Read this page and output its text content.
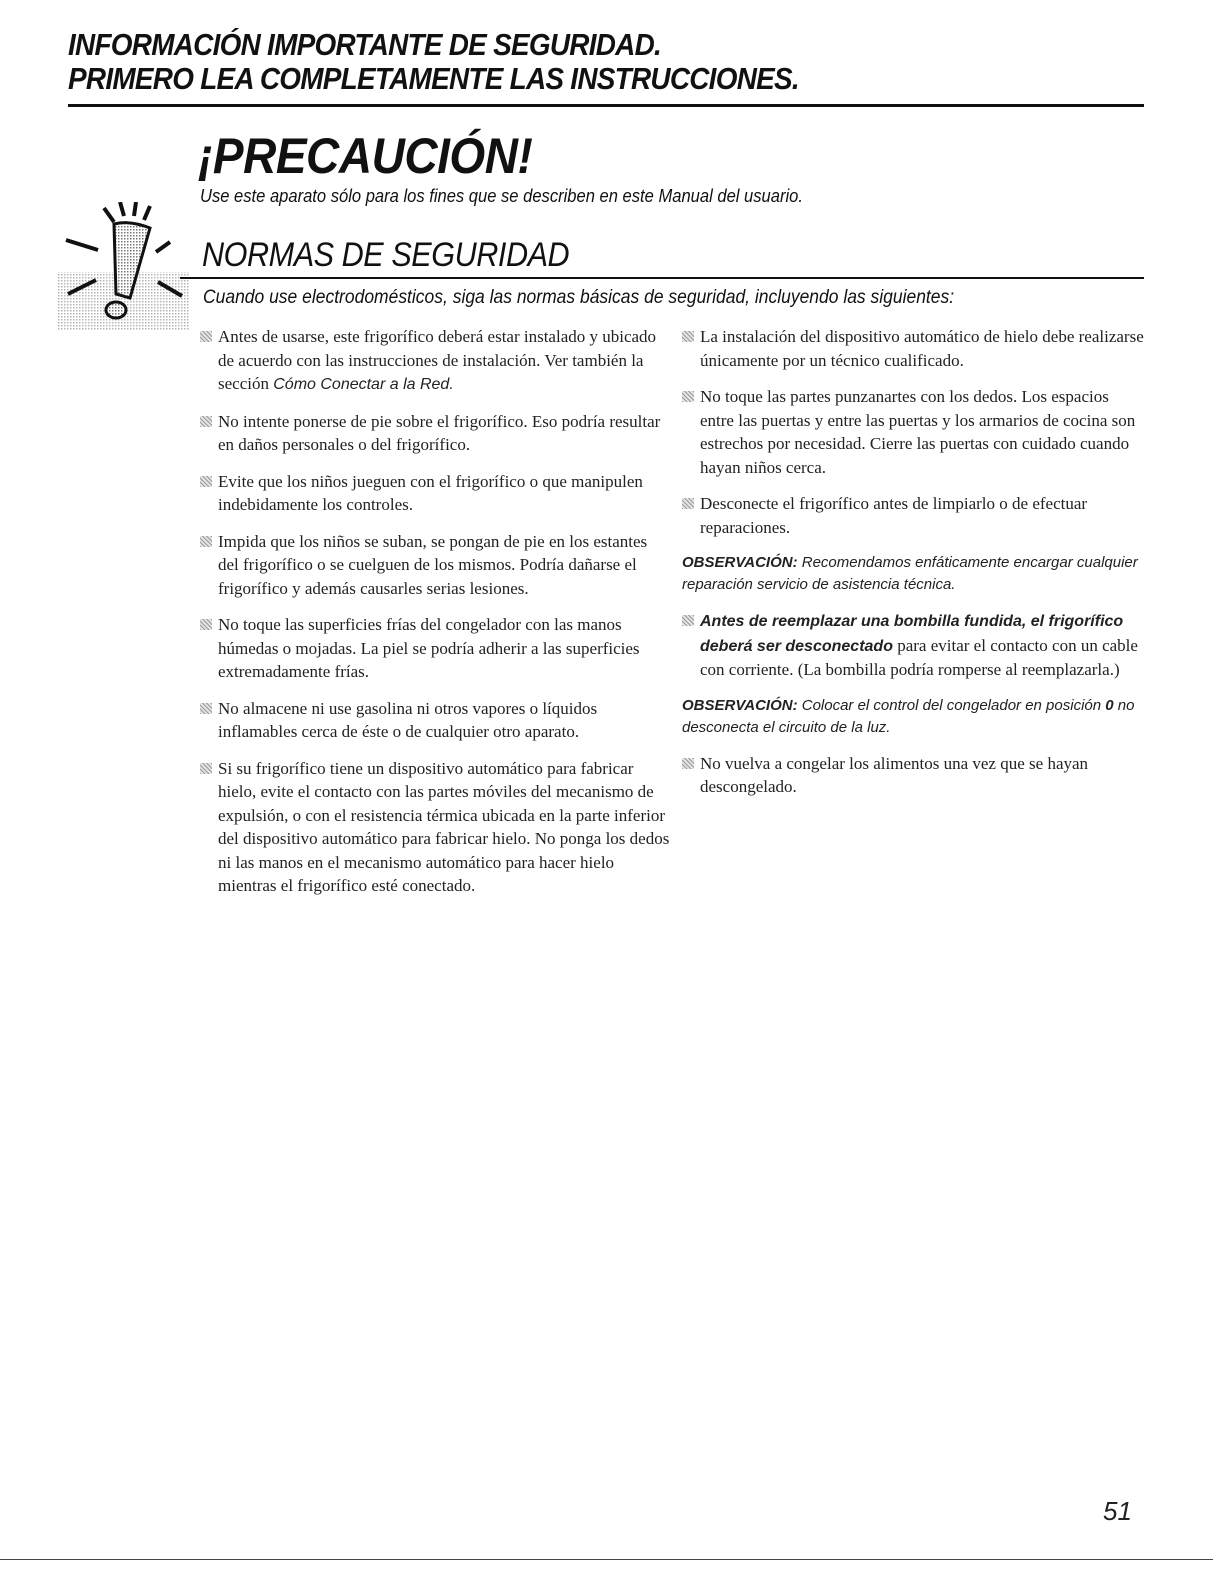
INFORMACIÓN IMPORTANTE DE SEGURIDAD.
PRIMERO LEA COMPLETAMENTE LAS INSTRUCCIONES.
¡PRECAUCIÓN!
Use este aparato sólo para los fines que se describen en este Manual del usuario.
NORMAS DE SEGURIDAD
Cuando use electrodomésticos, siga las normas básicas de seguridad, incluyendo las siguientes:
Antes de usarse, este frigorífico deberá estar instalado y ubicado de acuerdo con las instrucciones de instalación. Ver también la sección Cómo Conectar a la Red.
No intente ponerse de pie sobre el frigorífico. Eso podría resultar en daños personales o del frigorífico.
Evite que los niños jueguen con el frigorífico o que manipulen indebidamente los controles.
Impida que los niños se suban, se pongan de pie en los estantes del frigorífico o se cuelguen de los mismos. Podría dañarse el frigorífico y además causarles serias lesiones.
No toque las superficies frías del congelador con las manos húmedas o mojadas. La piel se podría adherir a las superficies extremadamente frías.
No almacene ni use gasolina ni otros vapores o líquidos inflamables cerca de éste o de cualquier otro aparato.
Si su frigorífico tiene un dispositivo automático para fabricar hielo, evite el contacto con las partes móviles del mecanismo de expulsión, o con el resistencia térmica ubicada en la parte inferior del dispositivo automático para fabricar hielo. No ponga los dedos ni las manos en el mecanismo automático para hacer hielo mientras el frigorífico esté conectado.
La instalación del dispositivo automático de hielo debe realizarse únicamente por un técnico cualificado.
No toque las partes punzanartes con los dedos. Los espacios entre las puertas y entre las puertas y los armarios de cocina son estrechos por necesidad. Cierre las puertas con cuidado cuando hayan niños cerca.
Desconecte el frigorífico antes de limpiarlo o de efectuar reparaciones.
OBSERVACIÓN: Recomendamos enfáticamente encargar cualquier reparación servicio de asistencia técnica.
Antes de reemplazar una bombilla fundida, el frigorífico deberá ser desconectado para evitar el contacto con un cable con corriente. (La bombilla podría romperse al reemplazarla.)
OBSERVACIÓN: Colocar el control del congelador en posición 0 no desconecta el circuito de la luz.
No vuelva a congelar los alimentos una vez que se hayan descongelado.
51
